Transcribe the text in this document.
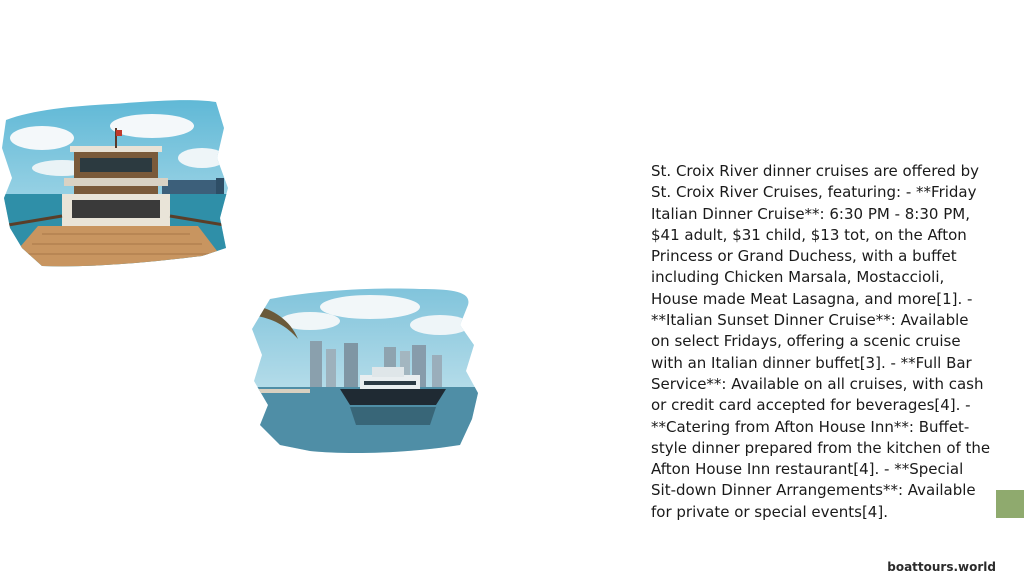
St. Croix River dinner cruises are offered by St. Croix River Cruises, featuring: - **Friday Italian Dinner Cruise**: 6:30 PM - 8:30 PM, $41 adult, $31 child, $13 tot, on the Afton Princess or Grand Duchess, with a buffet including Chicken Marsala, Mostaccioli, House made Meat Lasagna, and more[1]. - **Italian Sunset Dinner Cruise**: Available on select Fridays, offering a scenic cruise with an Italian dinner buffet[3]. - **Full Bar Service**: Available on all cruises, with cash or credit card accepted for beverages[4]. - **Catering from Afton House Inn**: Buffet-style dinner prepared from the kitchen of the Afton House Inn restaurant[4]. - **Special Sit-down Dinner Arrangements**: Available for private or special events[4].

boattours.world
